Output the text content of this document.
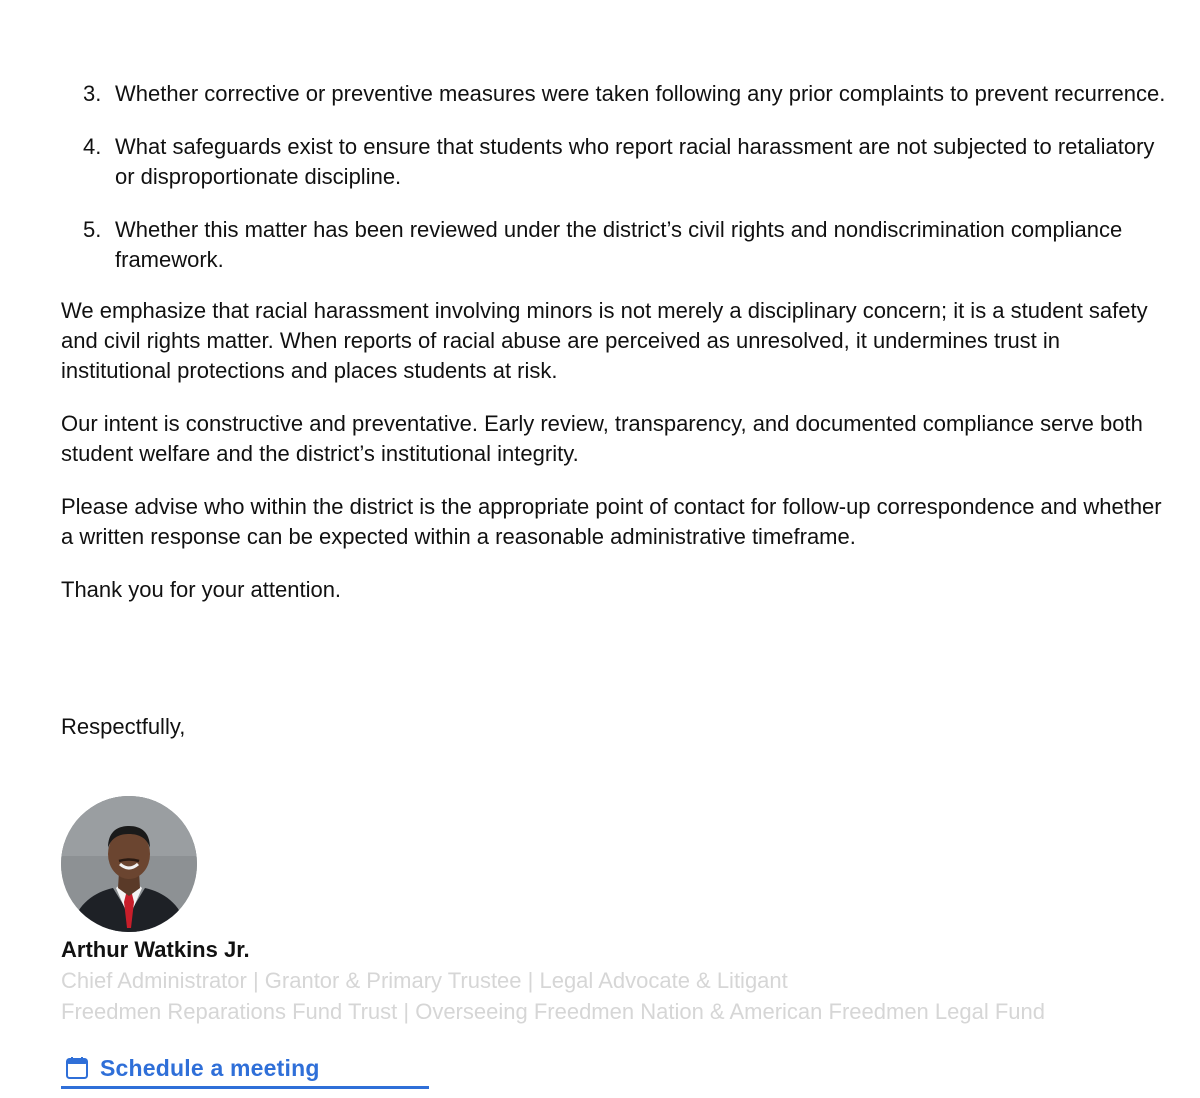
3. Whether corrective or preventive measures were taken following any prior complaints to prevent recurrence.
4. What safeguards exist to ensure that students who report racial harassment are not subjected to retaliatory or disproportionate discipline.
5. Whether this matter has been reviewed under the district’s civil rights and nondiscrimination compliance framework.

We emphasize that racial harassment involving minors is not merely a disciplinary concern; it is a student safety and civil rights matter. When reports of racial abuse are perceived as unresolved, it undermines trust in institutional protections and places students at risk.

Our intent is constructive and preventative. Early review, transparency, and documented compliance serve both student welfare and the district’s institutional integrity.

Please advise who within the district is the appropriate point of contact for follow-up correspondence and whether a written response can be expected within a reasonable administrative timeframe.

Thank you for your attention.

Respectfully,

Arthur Watkins Jr.
Chief Administrator | Grantor & Primary Trustee | Legal Advocate & Litigant
Freedmen Reparations Fund Trust | Overseeing Freedmen Nation & American Freedmen Legal Fund
Schedule a meeting
